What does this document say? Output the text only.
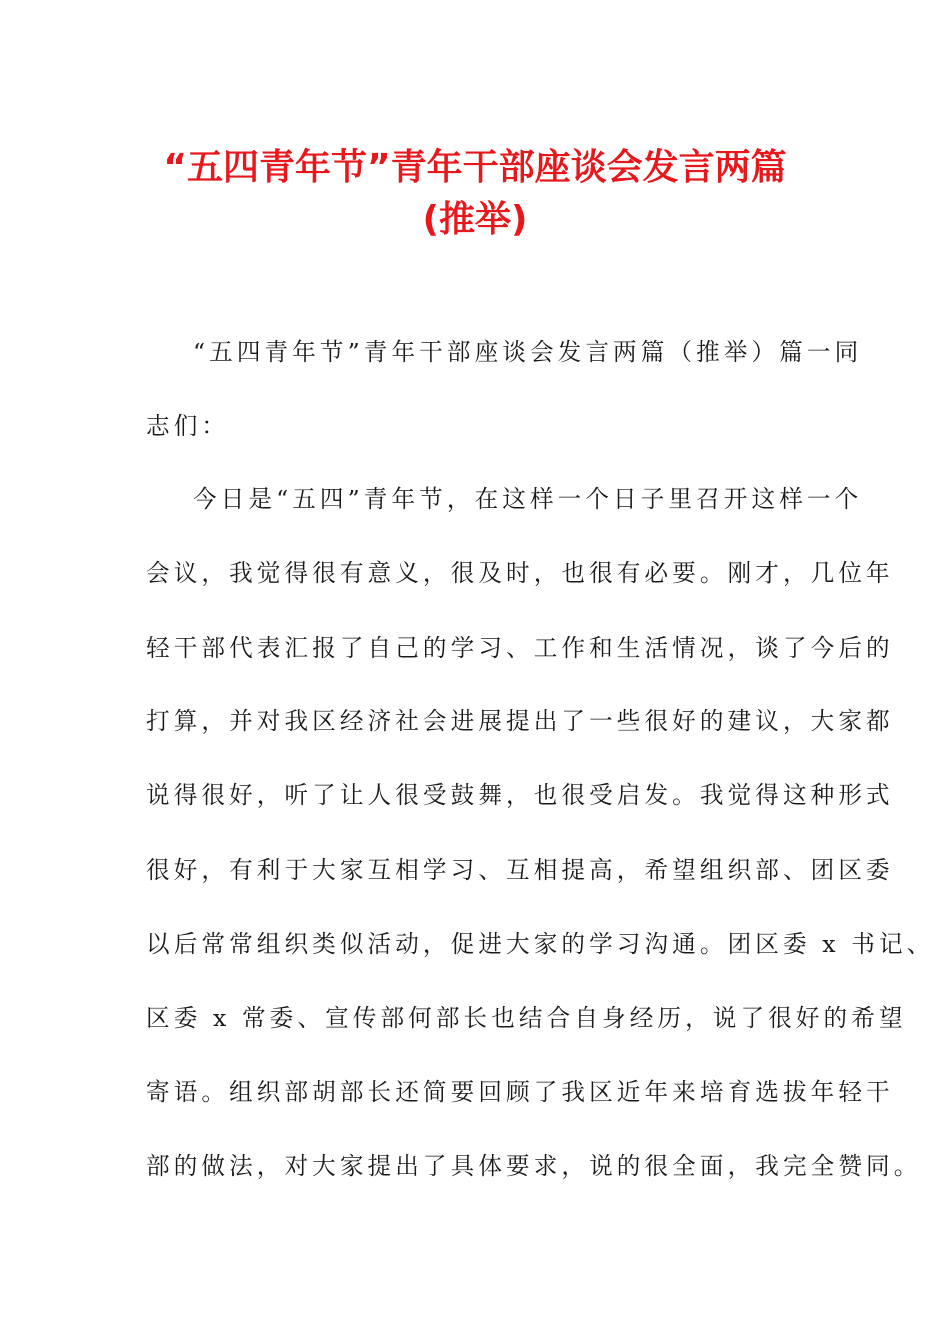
“五四青年节”青年干部座谈会发言两篇
(推举)
“五四青年节”青年干部座谈会发言两篇（推举）篇一同
志们：
今日是“五四”青年节，在这样一个日子里召开这样一个
会议，我觉得很有意义，很及时，也很有必要。刚才，几位年
轻干部代表汇报了自己的学习、工作和生活情况，谈了今后的
打算，并对我区经济社会进展提出了一些很好的建议，大家都
说得很好，听了让人很受鼓舞，也很受启发。我觉得这种形式
很好，有利于大家互相学习、互相提高，希望组织部、团区委
以后常常组织类似活动，促进大家的学习沟通。团区委 x 书记、
区委 x 常委、宣传部何部长也结合自身经历，说了很好的希望
寄语。组织部胡部长还简要回顾了我区近年来培育选拔年轻干
部的做法，对大家提出了具体要求，说的很全面，我完全赞同。
